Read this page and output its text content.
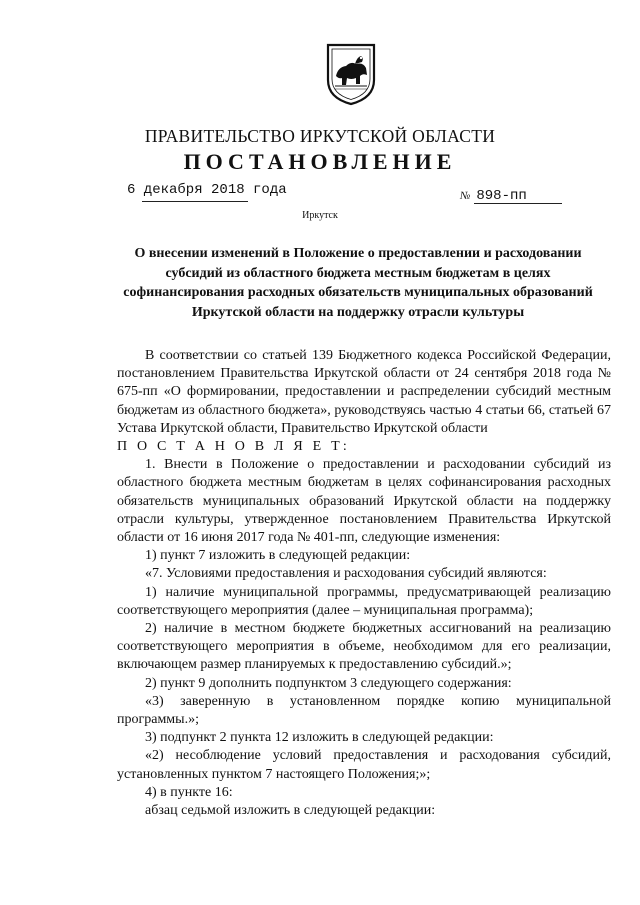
ПРАВИТЕЛЬСТВО ИРКУТСКОЙ ОБЛАСТИ
ПОСТАНОВЛЕНИЕ
6 декабря 2018 года	№ 898-пп
Иркутск
О внесении изменений в Положение о предоставлении и расходовании субсидий из областного бюджета местным бюджетам в целях софинансирования расходных обязательств муниципальных образований Иркутской области на поддержку отрасли культуры

В соответствии со статьей 139 Бюджетного кодекса Российской Федерации, постановлением Правительства Иркутской области от 24 сентября 2018 года № 675-пп «О формировании, предоставлении и распределении субсидий местным бюджетам из областного бюджета», руководствуясь частью 4 статьи 66, статьей 67 Устава Иркутской области, Правительство Иркутской области

П О С Т А Н О В Л Я Е Т:

1. Внести в Положение о предоставлении и расходовании субсидий из областного бюджета местным бюджетам в целях софинансирования расходных обязательств муниципальных образований Иркутской области на поддержку отрасли культуры, утвержденное постановлением Правительства Иркутской области от 16 июня 2017 года № 401-пп, следующие изменения:

1) пункт 7 изложить в следующей редакции:

«7. Условиями предоставления и расходования субсидий являются:

1) наличие муниципальной программы, предусматривающей реализацию соответствующего мероприятия (далее – муниципальная программа);

2) наличие в местном бюджете бюджетных ассигнований на реализацию соответствующего мероприятия в объеме, необходимом для его реализации, включающем размер планируемых к предоставлению субсидий.»;

2) пункт 9 дополнить подпунктом 3 следующего содержания:

«3) заверенную в установленном порядке копию муниципальной программы.»;

3) подпункт 2 пункта 12 изложить в следующей редакции:

«2) несоблюдение условий предоставления и расходования субсидий, установленных пунктом 7 настоящего Положения;»;

4) в пункте 16:

абзац седьмой изложить в следующей редакции:
